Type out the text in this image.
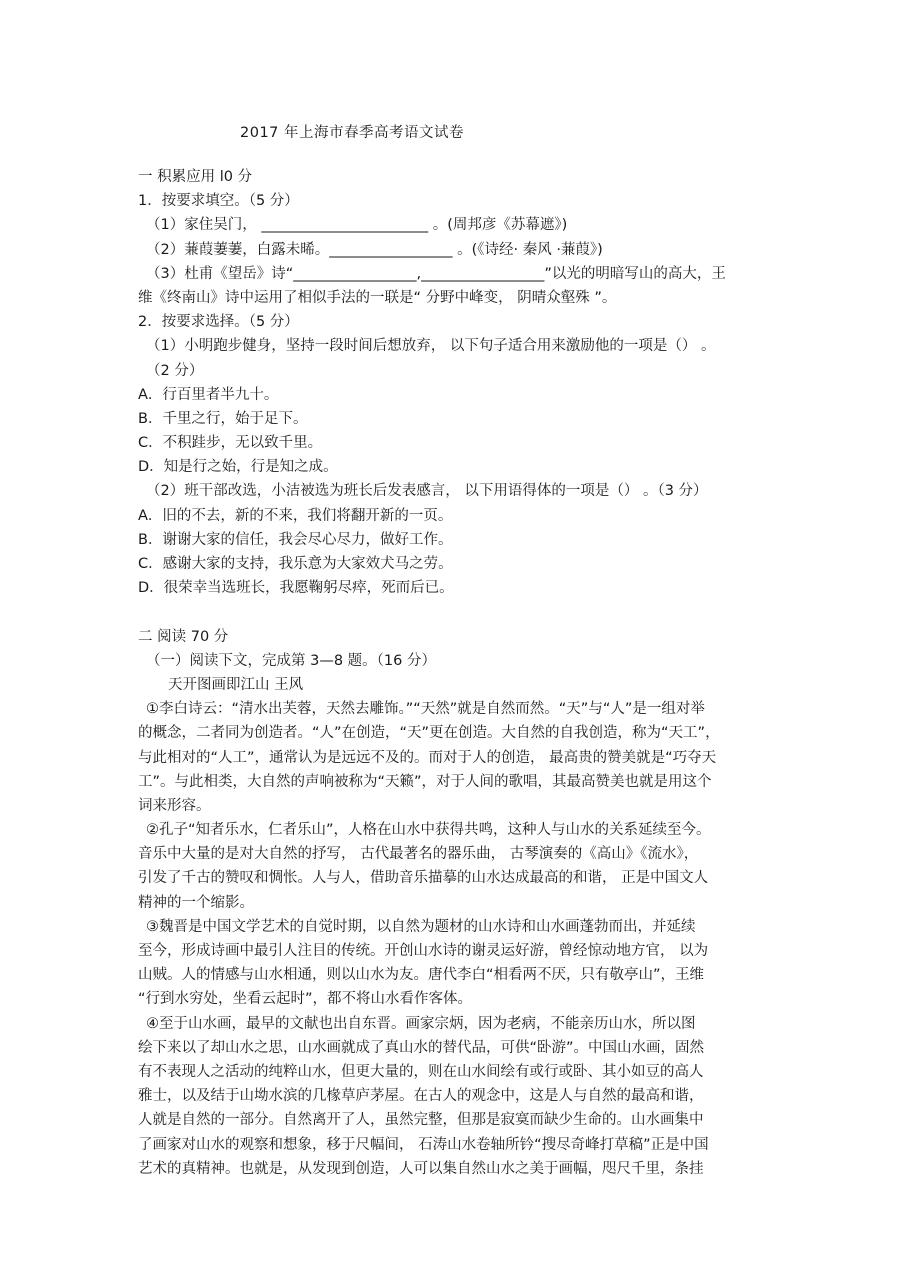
2017 年上海市春季高考语文试卷
一 积累应用 l0 分
1．按要求填空。（5 分）
（1）家住吴门， _______________________ 。(周邦彦《苏幕遮》)
（2）蒹葭萋萋，白露未晞。_________________ 。(《诗经· 秦风 ·蒹葭》)
（3）杜甫《望岳》诗“_________________,_________________”以光的明暗写山的高大，王
维《终南山》诗中运用了相似手法的一联是“ 分野中峰变， 阴晴众壑殊 ”。
2．按要求选择。（5 分）
（1）小明跑步健身，坚持一段时间后想放弃， 以下句子适合用来激励他的一项是（） 。
（2 分）
A．行百里者半九十。
B．千里之行，始于足下。
C．不积跬步，无以致千里。
D．知是行之始，行是知之成。
（2）班干部改选，小洁被选为班长后发表感言， 以下用语得体的一项是（） 。（3 分）
A．旧的不去，新的不来，我们将翻开新的一页。
B．谢谢大家的信任，我会尽心尽力，做好工作。
C．感谢大家的支持，我乐意为大家效犬马之劳。
D．很荣幸当选班长，我愿鞠躬尽瘁，死而后已。
二 阅读 70 分
（一）阅读下文，完成第 3—8 题。（16 分）
天开图画即江山 王风
①李白诗云：“清水出芙蓉，天然去雕饰。”“天然”就是自然而然。“天”与“人”是一组对举
的概念，二者同为创造者。“人”在创造，“天”更在创造。大自然的自我创造，称为“天工”，
与此相对的“人工”，通常认为是远远不及的。而对于人的创造， 最高贵的赞美就是“巧夺天
工”。与此相类，大自然的声响被称为“天籁”，对于人间的歌唱，其最高赞美也就是用这个
词来形容。
②孔子“知者乐水，仁者乐山”，人格在山水中获得共鸣，这种人与山水的关系延续至今。
音乐中大量的是对大自然的抒写， 古代最著名的器乐曲， 古琴演奏的《高山》《流水》，
引发了千古的赞叹和惆怅。人与人，借助音乐描摹的山水达成最高的和谐， 正是中国文人
精神的一个缩影。
③魏晋是中国文学艺术的自觉时期，以自然为题材的山水诗和山水画蓬勃而出，并延续
至今，形成诗画中最引人注目的传统。开创山水诗的谢灵运好游，曾经惊动地方官， 以为
山贼。人的情感与山水相通，则以山水为友。唐代李白“相看两不厌，只有敬亭山”，王维
“行到水穷处，坐看云起时”，都不将山水看作客体。
④至于山水画，最早的文献也出自东晋。画家宗炳，因为老病，不能亲历山水，所以图
绘下来以了却山水之思，山水画就成了真山水的替代品，可供“卧游”。中国山水画，固然
有不表现人之活动的纯粹山水，但更大量的，则在山水间绘有或行或卧、其小如豆的高人
雅士，以及结于山坳水滨的几椽草庐茅屋。在古人的观念中，这是人与自然的最高和谐，
人就是自然的一部分。自然离开了人，虽然完整，但那是寂寞而缺少生命的。山水画集中
了画家对山水的观察和想象，移于尺幅间， 石涛山水卷轴所钤“搜尽奇峰打草稿”正是中国
艺术的真精神。也就是，从发现到创造，人可以集自然山水之美于画幅，咫尺千里，条挂
